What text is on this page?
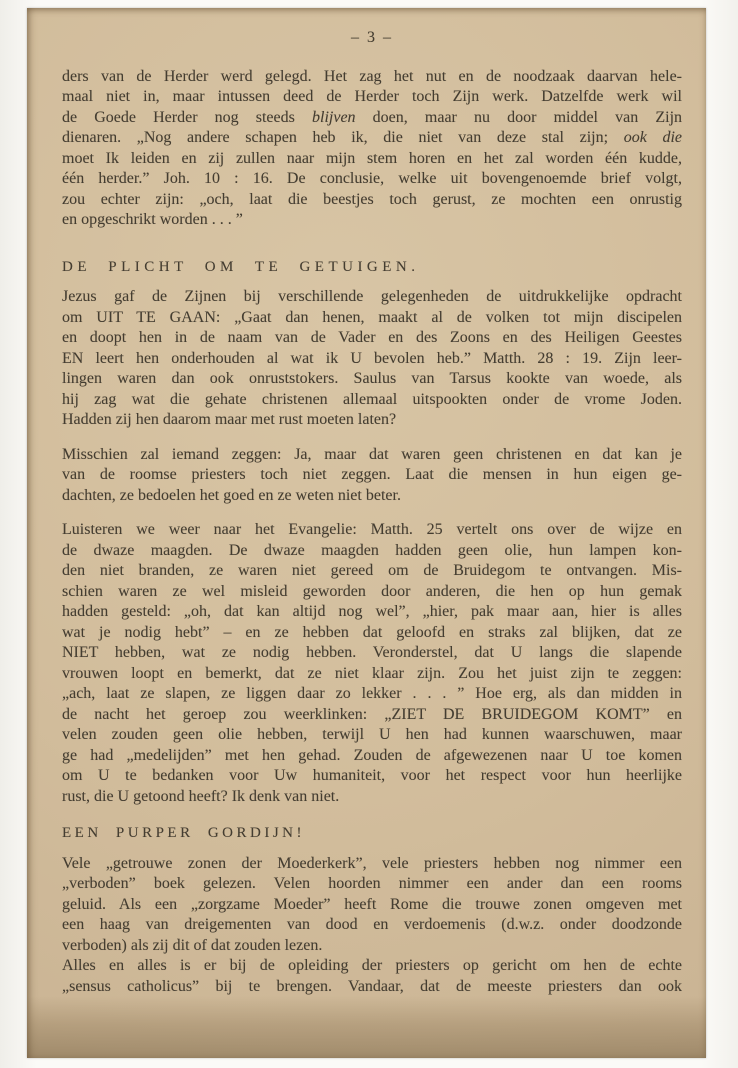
– 3 –
ders van de Herder werd gelegd. Het zag het nut en de noodzaak daarvan hele-
maal niet in, maar intussen deed de Herder toch Zijn werk. Datzelfde werk wil
de Goede Herder nog steeds blijven doen, maar nu door middel van Zijn
dienaren. „Nog andere schapen heb ik, die niet van deze stal zijn; ook die
moet Ik leiden en zij zullen naar mijn stem horen en het zal worden één kudde,
één herder.” Joh. 10 : 16. De conclusie, welke uit bovengenoemde brief volgt,
zou echter zijn: „och, laat die beestjes toch gerust, ze mochten een onrustig
en opgeschrikt worden . . . ”
DE PLICHT OM TE GETUIGEN.
Jezus gaf de Zijnen bij verschillende gelegenheden de uitdrukkelijke opdracht
om UIT TE GAAN: „Gaat dan henen, maakt al de volken tot mijn discipelen
en doopt hen in de naam van de Vader en des Zoons en des Heiligen Geestes
EN leert hen onderhouden al wat ik U bevolen heb.” Matth. 28 : 19. Zijn leer-
lingen waren dan ook onruststokers. Saulus van Tarsus kookte van woede, als
hij zag wat die gehate christenen allemaal uitspookten onder de vrome Joden.
Hadden zij hen daarom maar met rust moeten laten?
Misschien zal iemand zeggen: Ja, maar dat waren geen christenen en dat kan je
van de roomse priesters toch niet zeggen. Laat die mensen in hun eigen ge-
dachten, ze bedoelen het goed en ze weten niet beter.
Luisteren we weer naar het Evangelie: Matth. 25 vertelt ons over de wijze en
de dwaze maagden. De dwaze maagden hadden geen olie, hun lampen kon-
den niet branden, ze waren niet gereed om de Bruidegom te ontvangen. Mis-
schien waren ze wel misleid geworden door anderen, die hen op hun gemak
hadden gesteld: „oh, dat kan altijd nog wel”, „hier, pak maar aan, hier is alles
wat je nodig hebt” – en ze hebben dat geloofd en straks zal blijken, dat ze
NIET hebben, wat ze nodig hebben. Veronderstel, dat U langs die slapende
vrouwen loopt en bemerkt, dat ze niet klaar zijn. Zou het juist zijn te zeggen:
„ach, laat ze slapen, ze liggen daar zo lekker . . . ” Hoe erg, als dan midden in
de nacht het geroep zou weerklinken: „ZIET DE BRUIDEGOM KOMT” en
velen zouden geen olie hebben, terwijl U hen had kunnen waarschuwen, maar
ge had „medelijden” met hen gehad. Zouden de afgewezenen naar U toe komen
om U te bedanken voor Uw humaniteit, voor het respect voor hun heerlijke
rust, die U getoond heeft? Ik denk van niet.
EEN PURPER GORDIJN!
Vele „getrouwe zonen der Moederkerk”, vele priesters hebben nog nimmer een
„verboden” boek gelezen. Velen hoorden nimmer een ander dan een rooms
geluid. Als een „zorgzame Moeder” heeft Rome die trouwe zonen omgeven met
een haag van dreigementen van dood en verdoemenis (d.w.z. onder doodzonde
verboden) als zij dit of dat zouden lezen.
Alles en alles is er bij de opleiding der priesters op gericht om hen de echte
„sensus catholicus” bij te brengen. Vandaar, dat de meeste priesters dan ook
